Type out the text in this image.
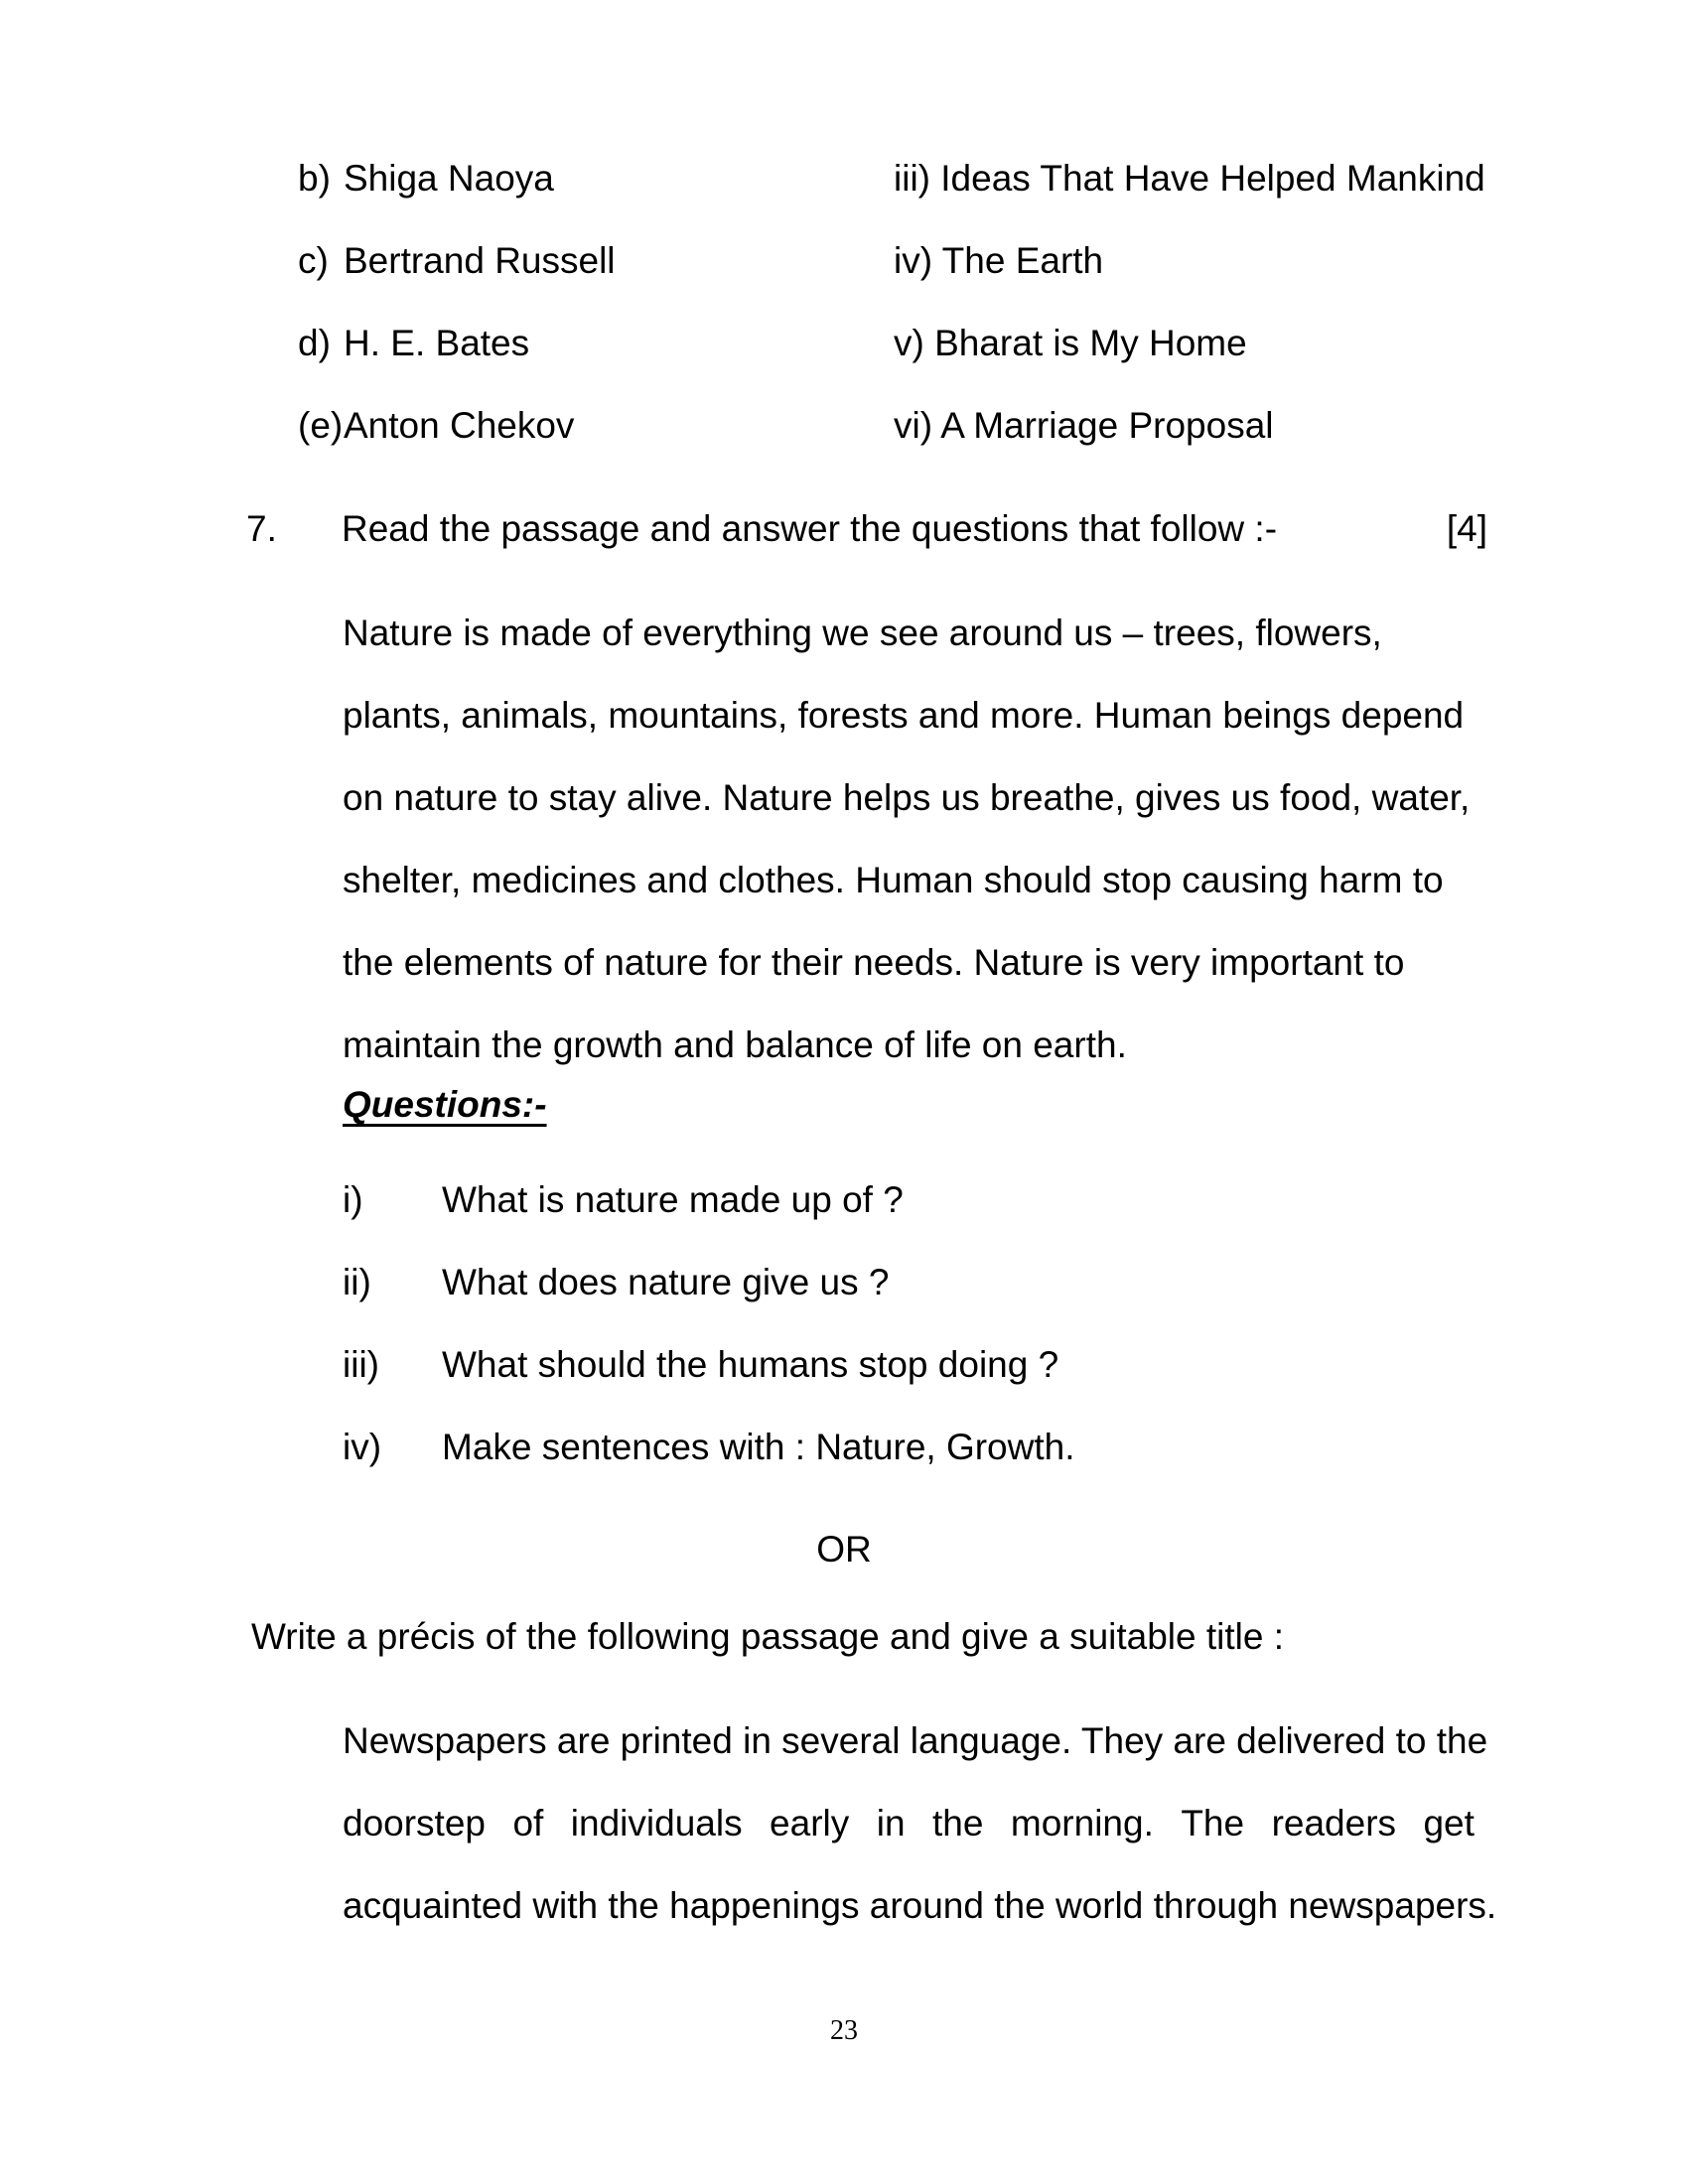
b) Shiga Naoya	iii) Ideas That Have Helped Mankind
c) Bertrand Russell	iv) The Earth
d) H. E. Bates	v) Bharat is My Home
(e)Anton Chekov	vi) A Marriage Proposal
7.	Read the passage and answer the questions that follow :-	[4]
Nature is made of everything we see around us – trees, flowers,
plants, animals, mountains, forests and more. Human beings depend
on nature to stay alive. Nature helps us breathe, gives us food, water,
shelter, medicines and clothes. Human should stop causing harm to
the elements of nature for their needs. Nature is very important to
maintain the growth and balance of life on earth.
Questions:-
i)	What is nature made up of ?
ii)	What does nature give us ?
iii)	What should the humans stop doing ?
iv)	Make sentences with : Nature, Growth.
OR
Write a précis of the following passage and give a suitable title :
Newspapers are printed in several language. They are delivered to the
doorstep of individuals early in the morning. The readers get
acquainted with the happenings around the world through newspapers.
23
